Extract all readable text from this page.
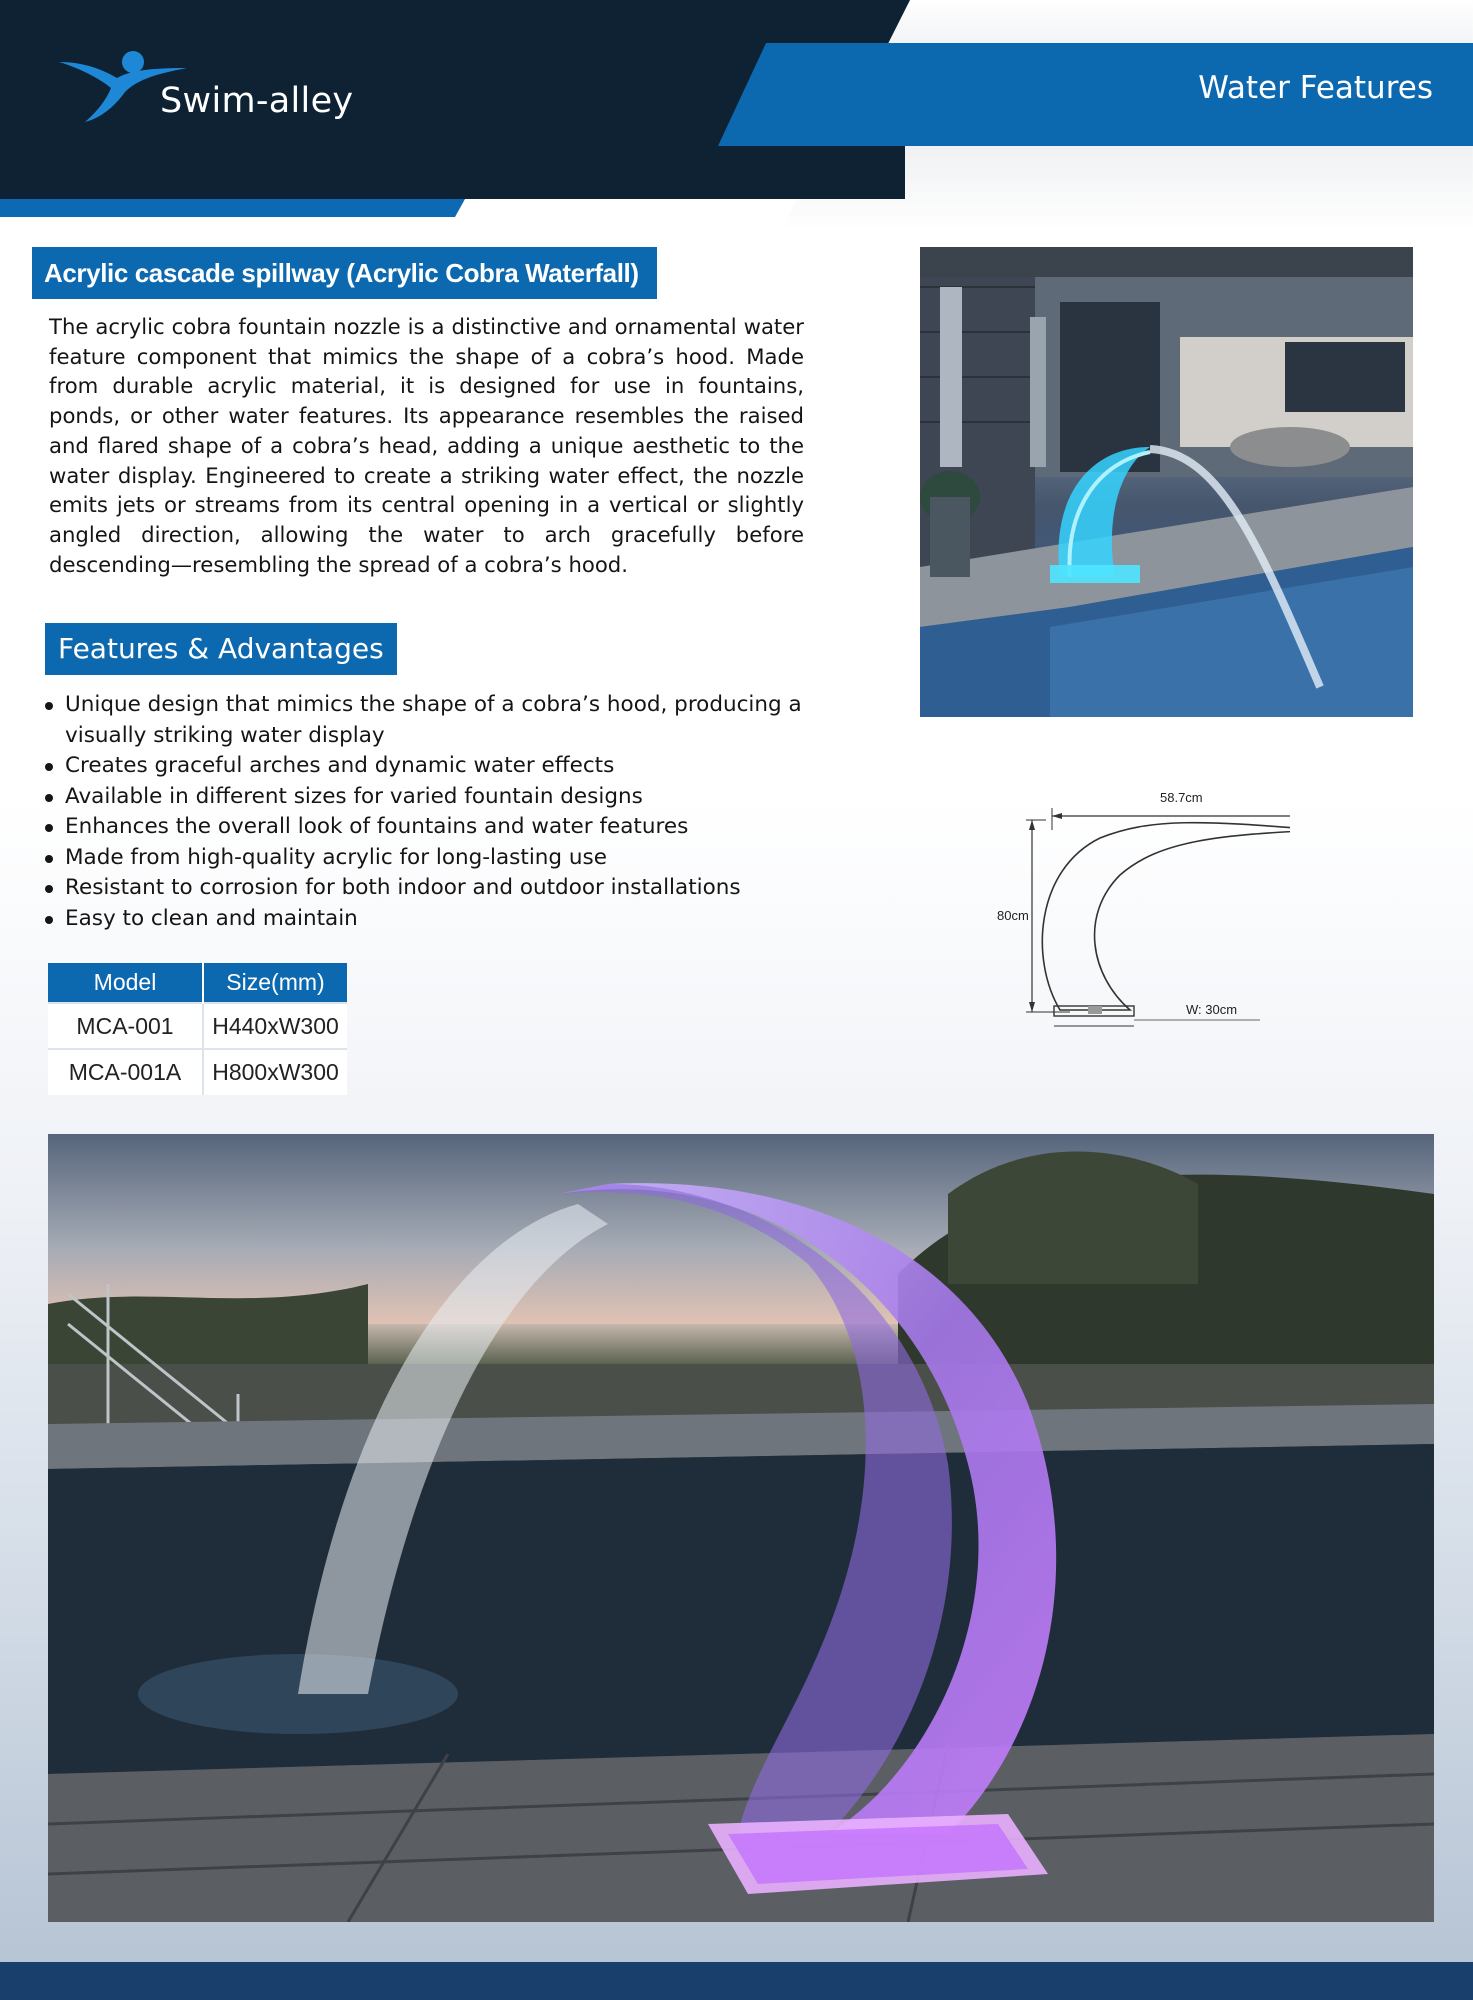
Swim-alley	Water Features
Acrylic cascade spillway (Acrylic Cobra Waterfall)

The acrylic cobra fountain nozzle is a distinctive and ornamental water feature component that mimics the shape of a cobra’s hood. Made from durable acrylic material, it is designed for use in fountains, ponds, or other water features. Its appearance resembles the raised and flared shape of a cobra’s head, adding a unique aesthetic to the water display. Engineered to create a striking water effect, the nozzle emits jets or streams from its central opening in a vertical or slightly angled direction, allowing the water to arch gracefully before descending—resembling the spread of a cobra’s hood.

Features & Advantages
Unique design that mimics the shape of a cobra’s hood, producing a visually striking water display
Creates graceful arches and dynamic water effects
Available in different sizes for varied fountain designs
Enhances the overall look of fountains and water features
Made from high-quality acrylic for long-lasting use
Resistant to corrosion for both indoor and outdoor installations
Easy to clean and maintain
Model	Size(mm)
MCA-001	H440xW300
MCA-001A	H800xW300
58.7cm
80cm
W: 30cm
